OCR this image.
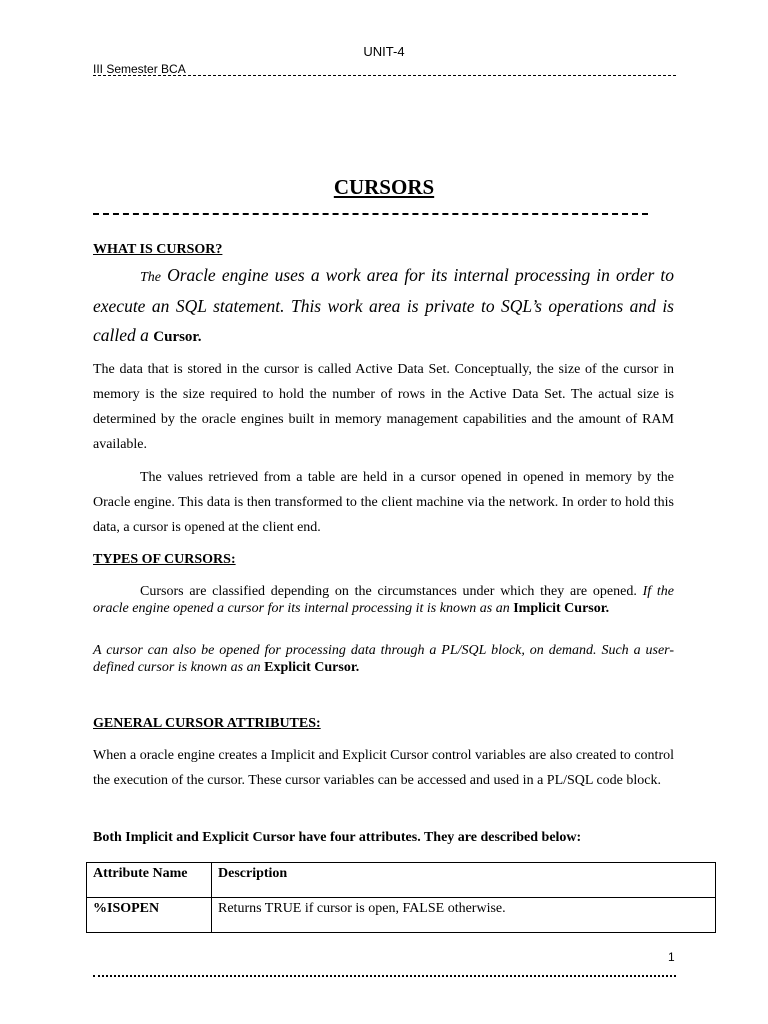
UNIT-4
III Semester BCA
CURSORS
WHAT IS CURSOR?
The Oracle engine uses a work area for its internal processing in order to execute an SQL statement. This work area is private to SQL’s operations and is called a Cursor.
The data that is stored in the cursor is called Active Data Set. Conceptually, the size of the cursor in memory is the size required to hold the number of rows in the Active Data Set. The actual size is determined by the oracle engines built in memory management capabilities and the amount of RAM available.
The values retrieved from a table are held in a cursor opened in opened in memory by the Oracle engine. This data is then transformed to the client machine via the network. In order to hold this data, a cursor is opened at the client end.
TYPES OF CURSORS:
Cursors are classified depending on the circumstances under which they are opened. If the oracle engine opened a cursor for its internal processing it is known as an Implicit Cursor.
A cursor can also be opened for processing data through a PL/SQL block, on demand. Such a user-defined cursor is known as an Explicit Cursor.
GENERAL CURSOR ATTRIBUTES:
When a oracle engine creates a Implicit and Explicit Cursor control variables are also created to control the execution of the cursor. These cursor variables can be accessed and used in a PL/SQL code block.
Both Implicit and Explicit Cursor have four attributes. They are described below:
Attribute Name	Description
%ISOPEN	Returns TRUE if cursor is open, FALSE otherwise.
1
